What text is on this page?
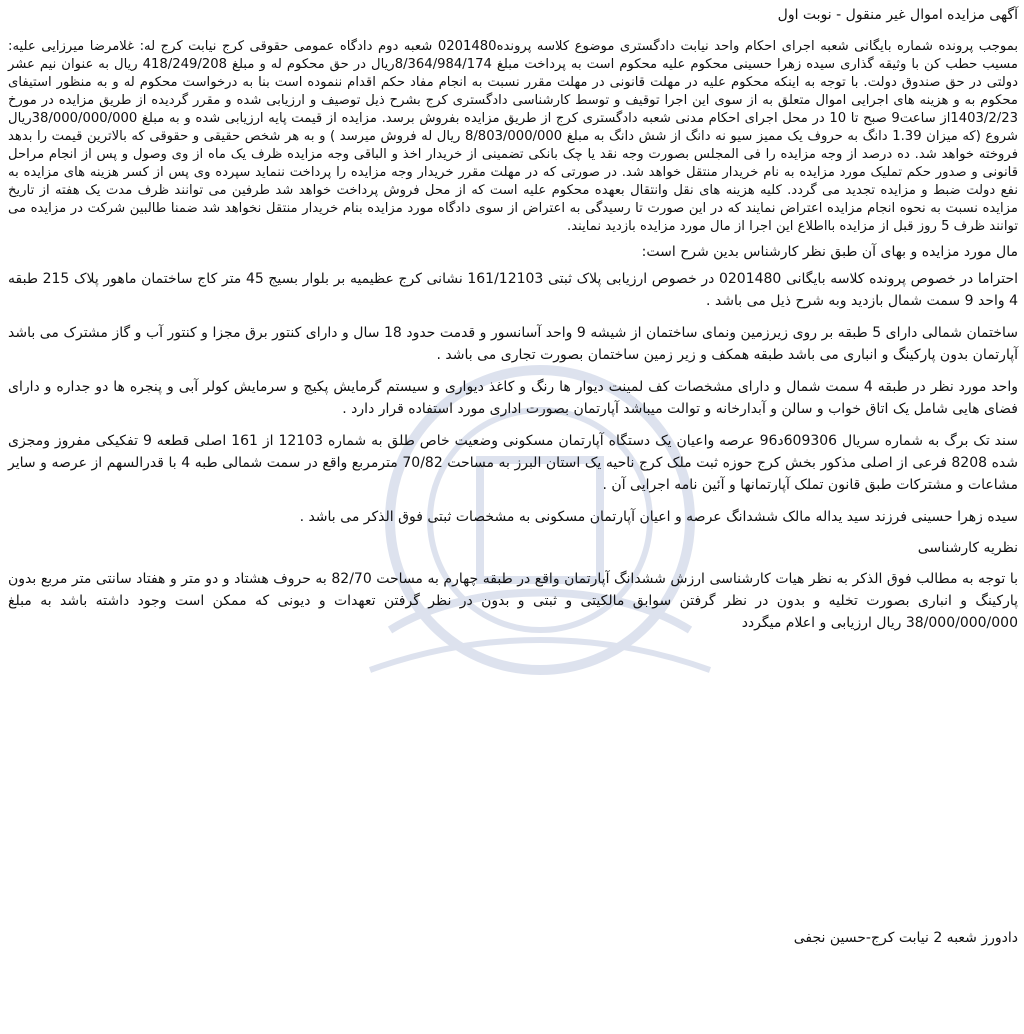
آگهی مزایده اموال غیر منقول - نوبت اول

بموجب پرونده شماره بایگانی شعبه اجرای احکام واحد نیابت دادگستری موضوع کلاسه پرونده0201480 شعبه دوم دادگاه عمومی حقوقی کرج نیابت کرج له: غلامرضا میرزایی علیه: مسیب حطب کن با وثیقه گذاری سیده زهرا حسینی محکوم علیه محکوم است به پرداخت مبلغ 8/364/984/174ریال در حق محکوم له و مبلغ 418/249/208 ریال به عنوان نیم عشر دولتی در حق صندوق دولت. با توجه به اینکه محکوم علیه در مهلت قانونی در مهلت مقرر نسبت به انجام مفاد حکم اقدام ننموده است بنا به درخواست محکوم له و به منظور استیفای محکوم به و هزینه های اجرایی اموال متعلق به از سوی این اجرا توقیف و توسط کارشناسی دادگستری کرج بشرح ذیل توصیف و ارزیابی شده و مقرر گردیده از طریق مزایده در مورخ 1403/2/23از ساعت9 صبح تا 10 در محل اجرای احکام مدنی شعبه دادگستری کرج از طریق مزایده بفروش برسد. مزایده از قیمت پایه ارزیابی شده و به مبلغ 38/000/000/000ریال شروع (که میزان 1.39 دانگ به حروف یک ممیز سیو نه دانگ از شش دانگ به مبلغ 8/803/000/000 ریال له فروش میرسد ) و به هر شخص حقیقی و حقوقی که بالاترین قیمت را بدهد فروخته خواهد شد. ده درصد از وجه مزایده را فی المجلس بصورت وجه نقد یا چک بانکی تضمینی از خریدار اخذ و الباقی وجه مزایده ظرف یک ماه از وی وصول و پس از انجام مراحل قانونی و صدور حکم تملیک مورد مزایده به نام خریدار منتقل خواهد شد. در صورتی که در مهلت مقرر خریدار وجه مزایده را پرداخت ننماید سپرده وی پس از کسر هزینه های مزایده به نفع دولت ضبط و مزایده تجدید می گردد. کلیه هزینه های نقل وانتقال بعهده محکوم علیه است که از محل فروش پرداخت خواهد شد طرفین می توانند ظرف مدت یک هفته از تاریخ مزایده نسبت به نحوه انجام مزایده اعتراض نمایند که در این صورت تا رسیدگی به اعتراض از سوی دادگاه مورد مزایده بنام خریدار منتقل نخواهد شد ضمنا طالبین شرکت در مزایده می توانند ظرف 5 روز قبل از مزایده بااطلاع این اجرا از مال مورد مزایده بازدید نمایند.

مال مورد مزایده و بهای آن طبق نظر کارشناس بدین شرح است:

احتراما در خصوص پرونده کلاسه بایگانی 0201480 در خصوص ارزیابی پلاک ثبتی 161/12103 نشانی کرج عظیمیه بر بلوار بسیج 45 متر کاج ساختمان ماهور پلاک 215 طبقه 4 واحد 9 سمت شمال بازدید وبه شرح ذیل می باشد .

ساختمان شمالی دارای 5 طبقه بر روی زیرزمین ونمای ساختمان از شیشه 9 واحد آسانسور و قدمت حدود 18 سال و دارای کنتور برق مجزا و کنتور آب و گاز مشترک می باشد آپارتمان بدون پارکینگ و انباری می باشد طبقه همکف و زیر زمین ساختمان بصورت تجاری می باشد .

واحد مورد نظر در طبقه 4 سمت شمال و دارای مشخصات کف لمینت دیوار ها رنگ و کاغذ دیواری و سیستم گرمایش پکیج و سرمایش کولر آبی و پنجره ها دو جداره و دارای فضای هایی شامل یک اتاق خواب و سالن و آبدارخانه و توالت میباشد آپارتمان بصورت اداری مورد استفاده قرار دارد .

سند تک برگ به شماره سریال 609306د96 عرصه واعیان یک دستگاه آپارتمان مسکونی وضعیت خاص طلق به شماره 12103 از 161 اصلی قطعه 9 تفکیکی مفروز ومجزی شده 8208 فرعی از اصلی مذکور بخش کرج حوزه ثبت ملک کرج ناحیه یک استان البرز به مساحت 70/82 مترمربع واقع در سمت شمالی طبه 4 با قدرالسهم از عرصه و سایر مشاعات و مشترکات طبق قانون تملک آپارتمانها و آئین نامه اجرایی آن .

سیده زهرا حسینی فرزند سید یداله مالک ششدانگ عرصه و اعیان آپارتمان مسکونی به مشخصات ثبتی فوق الذکر می باشد .

نظریه کارشناسی

با توجه به مطالب فوق الذکر به نظر هیات کارشناسی ارزش ششدانگ آپارتمان واقع در طبقه چهارم به مساحت 82/70 به حروف هشتاد و دو متر و هفتاد سانتی متر مربع بدون پارکینگ و انباری بصورت تخلیه و بدون در نظر گرفتن سوابق مالکیتی و ثبتی و بدون در نظر گرفتن تعهدات و دیونی که ممکن است وجود داشته باشد به مبلغ 38/000/000/000 ریال ارزیابی و اعلام میگردد

دادورز شعبه 2 نیابت کرج-حسین نجفی
